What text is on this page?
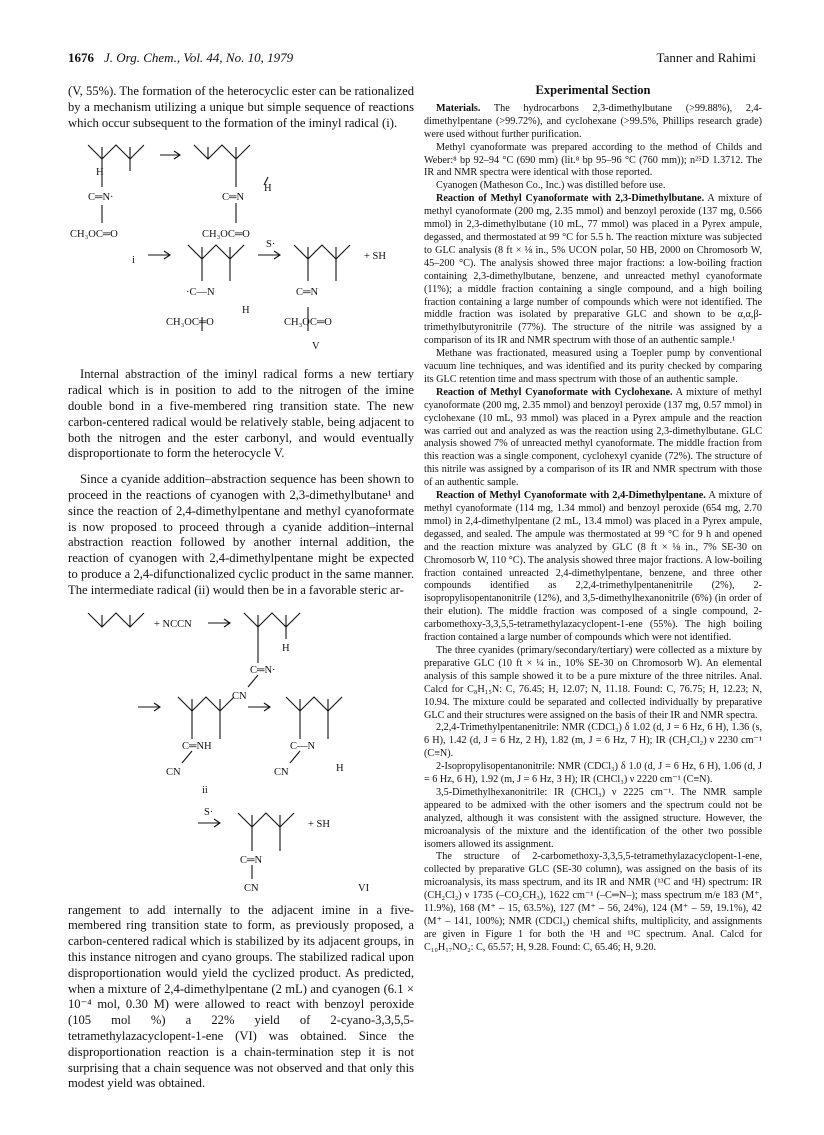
1676 J. Org. Chem., Vol. 44, No. 10, 1979	Tanner and Rahimi

(V, 55%). The formation of the heterocyclic ester can be rationalized by a mechanism utilizing a unique but simple sequence of reactions which occur subsequent to the formation of the iminyl radical (i).

H
C═N·
CH₃OC═O
C═N
H
CH₃OC═O
i
S·
+ SH
·C—N
H
CH₃OC═O
C═N
CH₃OC═O
V

Internal abstraction of the iminyl radical forms a new tertiary radical which is in position to add to the nitrogen of the imine double bond in a five-membered ring transition state. The new carbon-centered radical would be relatively stable, being adjacent to both the nitrogen and the ester carbonyl, and would eventually disproportionate to form the heterocycle V.

Since a cyanide addition–abstraction sequence has been shown to proceed in the reactions of cyanogen with 2,3-dimethylbutane¹ and since the reaction of 2,4-dimethylpentane and methyl cyanoformate is now proposed to proceed through a cyanide addition–internal abstraction reaction followed by another internal addition, the reaction of cyanogen with 2,4-dimethylpentane might be expected to produce a 2,4-difunctionalized cyclic product in the same manner. The intermediate radical (ii) would then be in a favorable steric ar-

+ NCCN
H
C═N·
CN
C═NH
CN
C—N
CN	H
ii
S·
+ SH
C═N
CN	VI

rangement to add internally to the adjacent imine in a five-membered ring transition state to form, as previously proposed, a carbon-centered radical which is stabilized by its adjacent groups, in this instance nitrogen and cyano groups. The stabilized radical upon disproportionation would yield the cyclized product. As predicted, when a mixture of 2,4-dimethylpentane (2 mL) and cyanogen (6.1 × 10⁻⁴ mol, 0.30 M) were allowed to react with benzoyl peroxide (105 mol %) a 22% yield of 2-cyano-3,3,5,5-tetramethylazacyclopent-1-ene (VI) was obtained. Since the disproportionation reaction is a chain-termination step it is not surprising that a chain sequence was not observed and that only this modest yield was obtained.

Experimental Section

Materials. The hydrocarbons 2,3-dimethylbutane (>99.88%), 2,4-dimethylpentane (>99.72%), and cyclohexane (>99.5%, Phillips research grade) were used without further purification.

Methyl cyanoformate was prepared according to the method of Childs and Weber:⁸ bp 92–94 °C (690 mm) (lit.⁸ bp 95–96 °C (760 mm)); n²⁵D 1.3712. The IR and NMR spectra were identical with those reported.

Cyanogen (Matheson Co., Inc.) was distilled before use.

Reaction of Methyl Cyanoformate with 2,3-Dimethylbutane. A mixture of methyl cyanoformate (200 mg, 2.35 mmol) and benzoyl peroxide (137 mg, 0.566 mmol) in 2,3-dimethylbutane (10 mL, 77 mmol) was placed in a Pyrex ampule, degassed, and thermostated at 99 °C for 5.5 h. The reaction mixture was subjected to GLC analysis (8 ft × ⅛ in., 5% UCON polar, 50 HB, 2000 on Chromosorb W, 45–200 °C). The analysis showed three major fractions: a low-boiling fraction containing 2,3-dimethylbutane, benzene, and unreacted methyl cyanoformate (11%); a middle fraction containing a single compound, and a high boiling fraction containing a large number of compounds which were not identified. The middle fraction was isolated by preparative GLC and shown to be α,α,β-trimethylbutyronitrile (77%). The structure of the nitrile was assigned by a comparison of its IR and NMR spectrum with those of an authentic sample.¹

Methane was fractionated, measured using a Toepler pump by conventional vacuum line techniques, and was identified and its purity checked by comparing its GLC retention time and mass spectrum with those of an authentic sample.

Reaction of Methyl Cyanoformate with Cyclohexane. A mixture of methyl cyanoformate (200 mg, 2.35 mmol) and benzoyl peroxide (137 mg, 0.57 mmol) in cyclohexane (10 mL, 93 mmol) was placed in a Pyrex ampule and the reaction was carried out and analyzed as was the reaction using 2,3-dimethylbutane. GLC analysis showed 7% of unreacted methyl cyanoformate. The middle fraction from this reaction was a single component, cyclohexyl cyanide (72%). The structure of this nitrile was assigned by a comparison of its IR and NMR spectrum with those of an authentic sample.

Reaction of Methyl Cyanoformate with 2,4-Dimethylpentane. A mixture of methyl cyanoformate (114 mg, 1.34 mmol) and benzoyl peroxide (654 mg, 2.70 mmol) in 2,4-dimethylpentane (2 mL, 13.4 mmol) was placed in a Pyrex ampule, degassed, and sealed. The ampule was thermostated at 99 °C for 9 h and opened and the reaction mixture was analyzed by GLC (8 ft × ⅛ in., 7% SE-30 on Chromosorb W, 110 °C). The analysis showed three major fractions. A low-boiling fraction contained unreacted 2,4-dimethylpentane, benzene, and three other compounds identified as 2,2,4-trimethylpentanenitrile (2%), 2-isopropylisopentanonitrile (12%), and 3,5-dimethylhexanonitrile (6%) (in order of their elution). The middle fraction was composed of a single compound, 2-carbomethoxy-3,3,5,5-tetramethylazacyclopent-1-ene (55%). The high boiling fraction contained a large number of compounds which were not identified.

The three cyanides (primary/secondary/tertiary) were collected as a mixture by preparative GLC (10 ft × ¼ in., 10% SE-30 on Chromosorb W). An elemental analysis of this sample showed it to be a pure mixture of the three nitriles. Anal. Calcd for C₈H₁₅N: C, 76.45; H, 12.07; N, 11.18. Found: C, 76.75; H, 12.23; N, 10.94. The mixture could be separated and collected individually by preparative GLC and their structures were assigned on the basis of their IR and NMR spectra.

2,2,4-Trimethylpentanenitrile: NMR (CDCl₃) δ 1.02 (d, J = 6 Hz, 6 H), 1.36 (s, 6 H), 1.42 (d, J = 6 Hz, 2 H), 1.82 (m, J = 6 Hz, 7 H); IR (CH₂Cl₂) ν 2230 cm⁻¹ (C≡N).

2-Isopropylisopentanonitrile: NMR (CDCl₃) δ 1.0 (d, J = 6 Hz, 6 H), 1.06 (d, J = 6 Hz, 6 H), 1.92 (m, J = 6 Hz, 3 H); IR (CHCl₃) ν 2220 cm⁻¹ (C≡N).

3,5-Dimethylhexanonitrile: IR (CHCl₃) ν 2225 cm⁻¹. The NMR sample appeared to be admixed with the other isomers and the spectrum could not be analyzed, although it was consistent with the assigned structure. However, the microanalysis of the mixture and the identification of the other two possible isomers allowed its assignment.

The structure of 2-carbomethoxy-3,3,5,5-tetramethylazacyclopent-1-ene, collected by preparative GLC (SE-30 column), was assigned on the basis of its microanalysis, its mass spectrum, and its IR and NMR (¹³C and ¹H) spectrum: IR (CH₂Cl₂) ν 1735 (–CO₂CH₃), 1622 cm⁻¹ (–C═N–); mass spectrum m/e 183 (M⁺, 11.9%), 168 (M⁺ – 15, 63.5%), 127 (M⁺ – 56, 24%), 124 (M⁺ – 59, 19.1%), 42 (M⁺ – 141, 100%); NMR (CDCl₃) chemical shifts, multiplicity, and assignments are given in Figure 1 for both the ¹H and ¹³C spectrum. Anal. Calcd for C₁₀H₁₇NO₂: C, 65.57; H, 9.28. Found: C, 65.46; H, 9.20.
